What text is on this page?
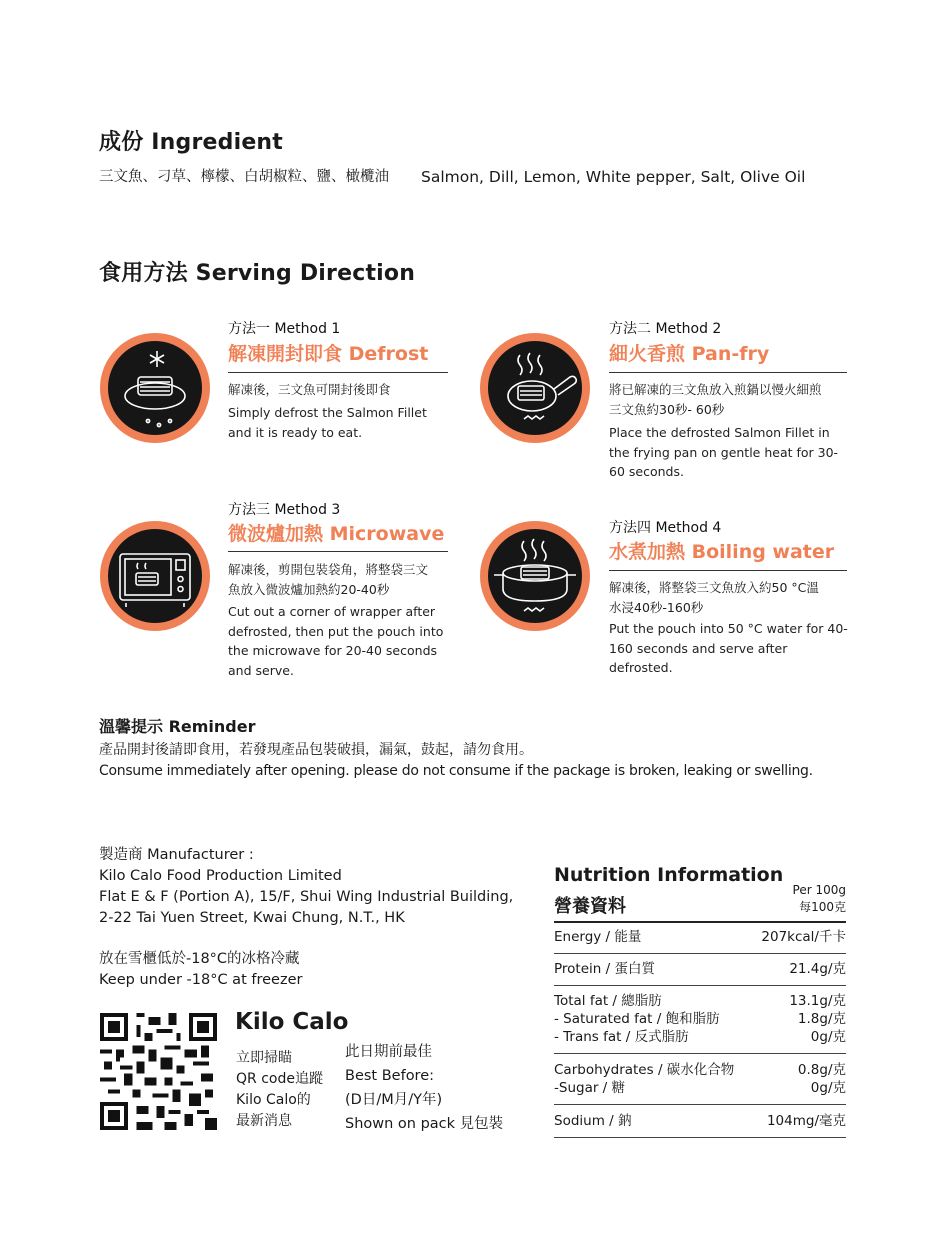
成份 Ingredient
三文魚、刁草、檸檬、白胡椒粒、鹽、橄欖油 Salmon, Dill, Lemon, White pepper, Salt, Olive Oil
食用方法 Serving Direction
方法一 Method 1
解凍開封即食 Defrost
解凍後，三文魚可開封後即食
Simply defrost the Salmon Fillet and it is ready to eat.
方法二 Method 2
細火香煎 Pan-fry
將已解凍的三文魚放入煎鍋以慢火細煎三文魚約30秒- 60秒
Place the defrosted Salmon Fillet in the frying pan on gentle heat for 30-60 seconds.
方法三 Method 3
微波爐加熱 Microwave
解凍後，剪開包裝袋角，將整袋三文魚放入微波爐加熱約20-40秒
Cut out a corner of wrapper after defrosted, then put the pouch into the microwave for 20-40 seconds and serve.
方法四 Method 4
水煮加熱 Boiling water
解凍後，將整袋三文魚放入約50 °C溫水浸40秒-160秒
Put the pouch into 50 °C water for 40-160 seconds and serve after defrosted.
溫馨提示 Reminder
產品開封後請即食用，若發現產品包裝破損，漏氣，鼓起，請勿食用。
Consume immediately after opening. please do not consume if the package is broken, leaking or swelling.
製造商 Manufacturer :
Kilo Calo Food Production Limited
Flat E & F (Portion A), 15/F, Shui Wing Industrial Building,
2-22 Tai Yuen Street, Kwai Chung, N.T., HK
放在雪櫃低於-18°C的冰格冷藏
Keep under -18°C at freezer
Kilo Calo
立即掃瞄
QR code追蹤
Kilo Calo的
最新消息
此日期前最佳
Best Before:
(D日/M月/Y年)
Shown on pack 見包裝
Nutrition Information
營養資料
Per 100g
每100克
Energy / 能量	207kcal/千卡
Protein / 蛋白質	21.4g/克
Total fat / 總脂肪	13.1g/克
- Saturated fat / 飽和脂肪	1.8g/克
- Trans fat / 反式脂肪	0g/克
Carbohydrates / 碳水化合物	0.8g/克
-Sugar / 糖	0g/克
Sodium / 鈉	104mg/毫克
